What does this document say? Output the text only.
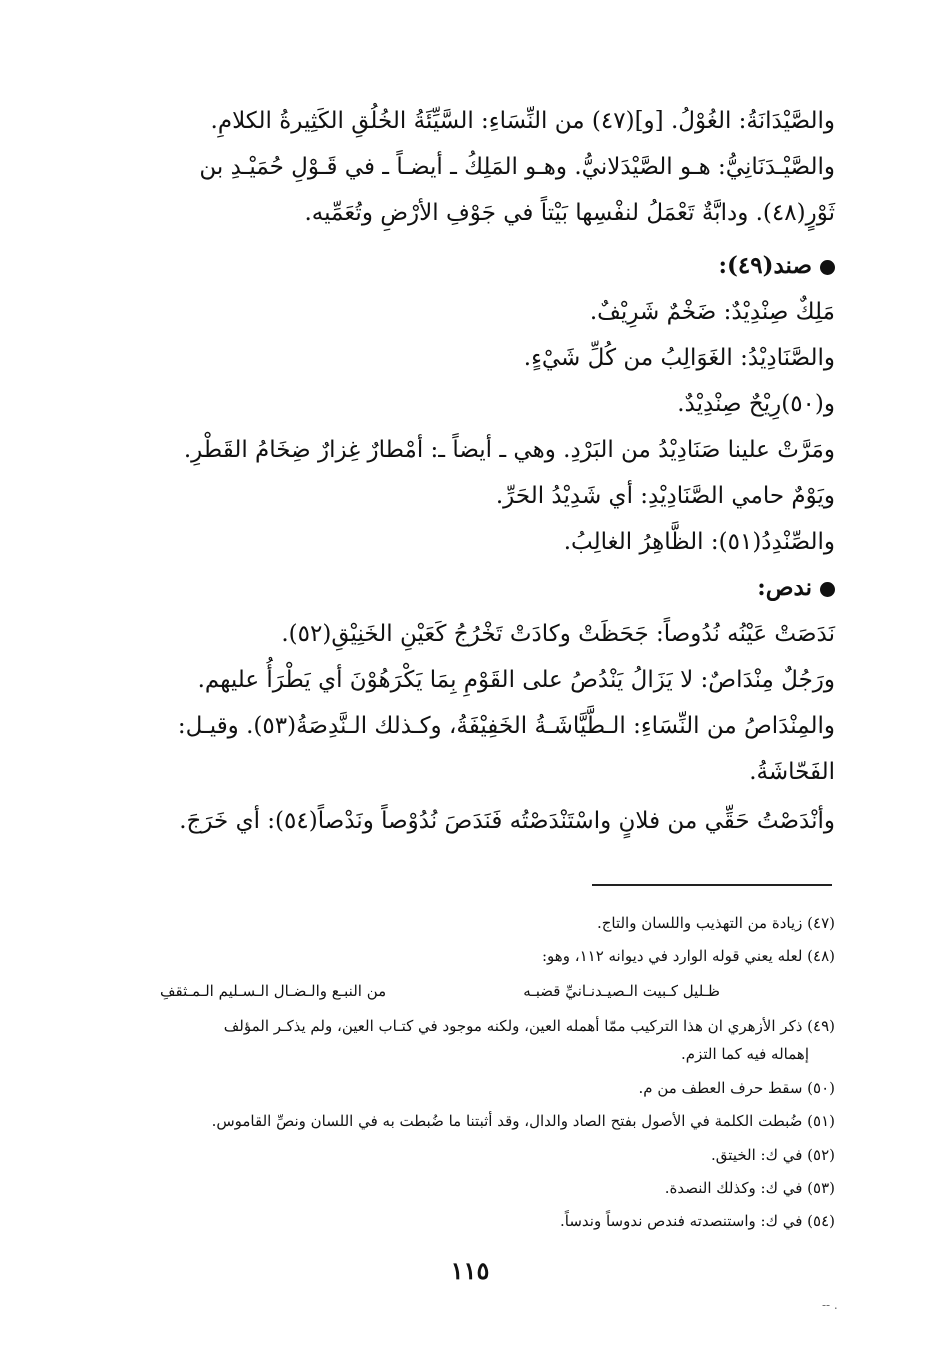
والصَّيْدَانَةُ: الغُوْلُ. [و](٤٧) من النِّسَاءِ: السَّيِّئَةُ الخُلُقِ الكَثِيرةُ الكلامِ.
والصَّيْـدَنَانِيُّ: هـو الصَّيْدَلانيُّ. وهـو المَلِكُ ـ أيضـاً ـ في قَـوْلِ حُمَيْـدِ بن
ثَوْرٍ(٤٨). ودابَّةٌ تَعْمَلُ لنفْسِها بَيْتاً في جَوْفِ الأرْضِ وتُعَمِّيه.
صند(٤٩):
مَلِكٌ صِنْدِيْدٌ: ضَخْمٌ شَرِيْفٌ.
والصَّنَادِيْدُ: الغَوَالِبُ من كُلِّ شَيْءٍ.
و(٥٠)رِيْحٌ صِنْدِيْدٌ.
ومَرَّتْ علينا صَنَادِيْدُ من البَرْدِ. وهي ـ أيضاً ـ: أمْطارٌ غِزارٌ ضِخَامُ القَطْرِ.
ويَوْمٌ حامي الصَّنَادِيْدِ: أي شَدِيْدُ الحَرِّ.
والصِّنْدِدُ(٥١): الظَّاهِرُ الغالِبُ.
ندص:
نَدَصَتْ عَيْنُه نُدُوصاً: جَحَظَتْ وكادَتْ تَخْرُجُ كَعَيْنِ الخَنِيْقِ(٥٢).
ورَجُلٌ مِنْدَاصٌ: لا يَزَالُ يَنْدُصُ على القَوْمِ بِمَا يَكْرَهُوْنَ أي يَطْرَأُ عليهم.
والمِنْدَاصُ من النِّسَاءِ: الـطَّيَّاشَـةُ الخَفِيْفَةُ، وكـذلك الـنَّدِصَةُ(٥٣). وقيـل:
الفَحّاشَةُ.
وأنْدَصْتُ حَقِّي من فلانٍ واسْتَنْدَصْتُه فَنَدَصَ نُدُوْصاً ونَدْصاً(٥٤): أي خَرَجَ.
(٤٧) زيادة من التهذيب واللسان والتاج.
(٤٨) لعله يعني قوله الوارد في ديوانه ١١٢، وهو:
ظـليل كـبيت الـصيـدنـانيِّ قضبـه
من النبـع والـضـال الـسـليم الـمـثقفِ
(٤٩) ذكر الأزهري ان هذا التركيب ممّا أهمله العين، ولكنه موجود في كتـاب العين، ولم يذكـر المؤلف
إهماله فيه كما التزم.
(٥٠) سقط حرف العطف من م.
(٥١) ضُبطت الكلمة في الأصول بفتح الصاد والدال، وقد أثبتنا ما ضُبطت به في اللسان ونصِّ القاموس.
(٥٢) في ك: الخيتق.
(٥٣) في ك: وكذلك النصدة.
(٥٤) في ك: واستنصدته فندص ندوساً وندساً.
١١٥
-- .
